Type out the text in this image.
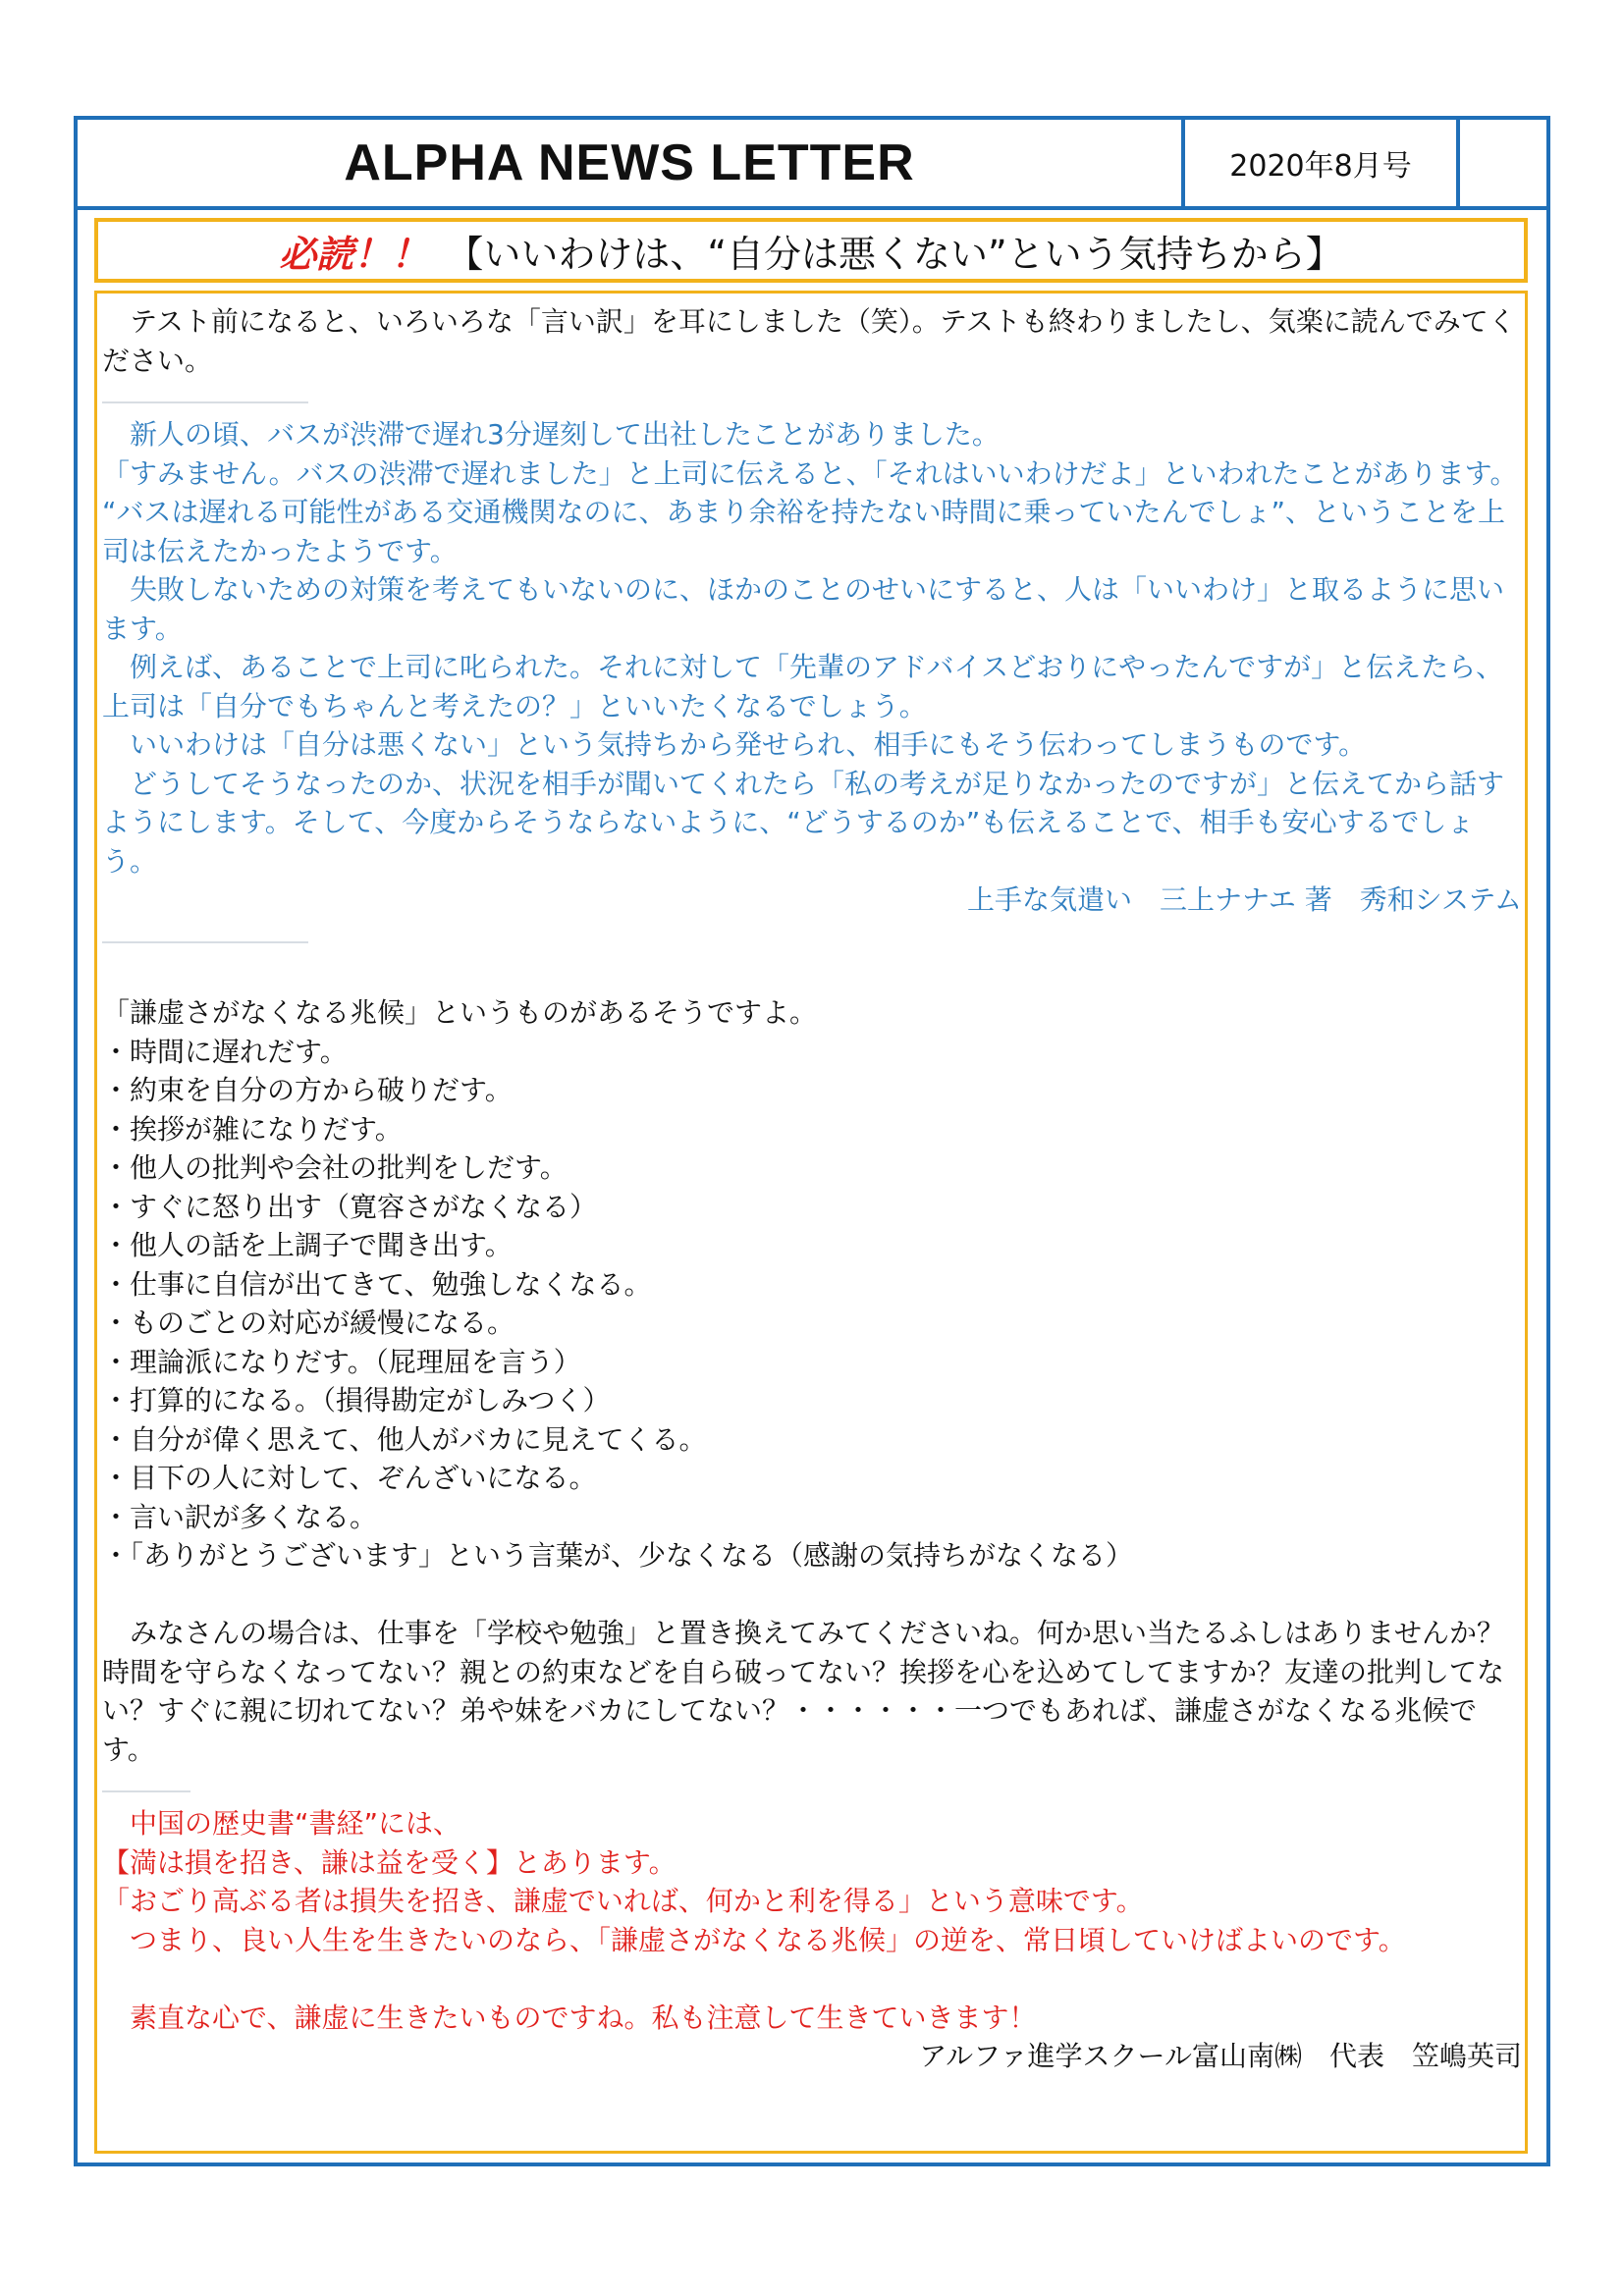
ALPHA NEWS LETTER	2020年8月号
必読！！ 【いいわけは、“自分は悪くない”という気持ちから】

　テスト前になると、いろいろな「言い訳」を耳にしました（笑）。テストも終わりましたし、気楽に読んでみてください。

　新人の頃、バスが渋滞で遅れ3分遅刻して出社したことがありました。

「すみません。バスの渋滞で遅れました」と上司に伝えると、「それはいいわけだよ」といわれたことがあります。

“バスは遅れる可能性がある交通機関なのに、あまり余裕を持たない時間に乗っていたんでしょ”、ということを上司は伝えたかったようです。

　失敗しないための対策を考えてもいないのに、ほかのことのせいにすると、人は「いいわけ」と取るように思います。

　例えば、あることで上司に叱られた。それに対して「先輩のアドバイスどおりにやったんですが」と伝えたら、上司は「自分でもちゃんと考えたの？」といいたくなるでしょう。

　いいわけは「自分は悪くない」という気持ちから発せられ、相手にもそう伝わってしまうものです。

　どうしてそうなったのか、状況を相手が聞いてくれたら「私の考えが足りなかったのですが」と伝えてから話すようにします。そして、今度からそうならないように、“どうするのか”も伝えることで、相手も安心するでしょう。

上手な気遣い　三上ナナエ 著　秀和システム

「謙虚さがなくなる兆候」というものがあるそうですよ。

・時間に遅れだす。

・約束を自分の方から破りだす。

・挨拶が雑になりだす。

・他人の批判や会社の批判をしだす。

・すぐに怒り出す（寛容さがなくなる）

・他人の話を上調子で聞き出す。

・仕事に自信が出てきて、勉強しなくなる。

・ものごとの対応が緩慢になる。

・理論派になりだす。（屁理屈を言う）

・打算的になる。（損得勘定がしみつく）

・自分が偉く思えて、他人がバカに見えてくる。

・目下の人に対して、ぞんざいになる。

・言い訳が多くなる。

・「ありがとうございます」という言葉が、少なくなる（感謝の気持ちがなくなる）

　みなさんの場合は、仕事を「学校や勉強」と置き換えてみてくださいね。何か思い当たるふしはありませんか？時間を守らなくなってない？親との約束などを自ら破ってない？挨拶を心を込めてしてますか？友達の批判してない？すぐに親に切れてない？弟や妹をバカにしてない？・・・・・・一つでもあれば、謙虚さがなくなる兆候です。

　中国の歴史書“書経”には、

【満は損を招き、謙は益を受く】とあります。

「おごり高ぶる者は損失を招き、謙虚でいれば、何かと利を得る」という意味です。

　つまり、良い人生を生きたいのなら、「謙虚さがなくなる兆候」の逆を、常日頃していけばよいのです。

　素直な心で、謙虚に生きたいものですね。私も注意して生きていきます！

アルファ進学スクール富山南㈱　代表　笠嶋英司
